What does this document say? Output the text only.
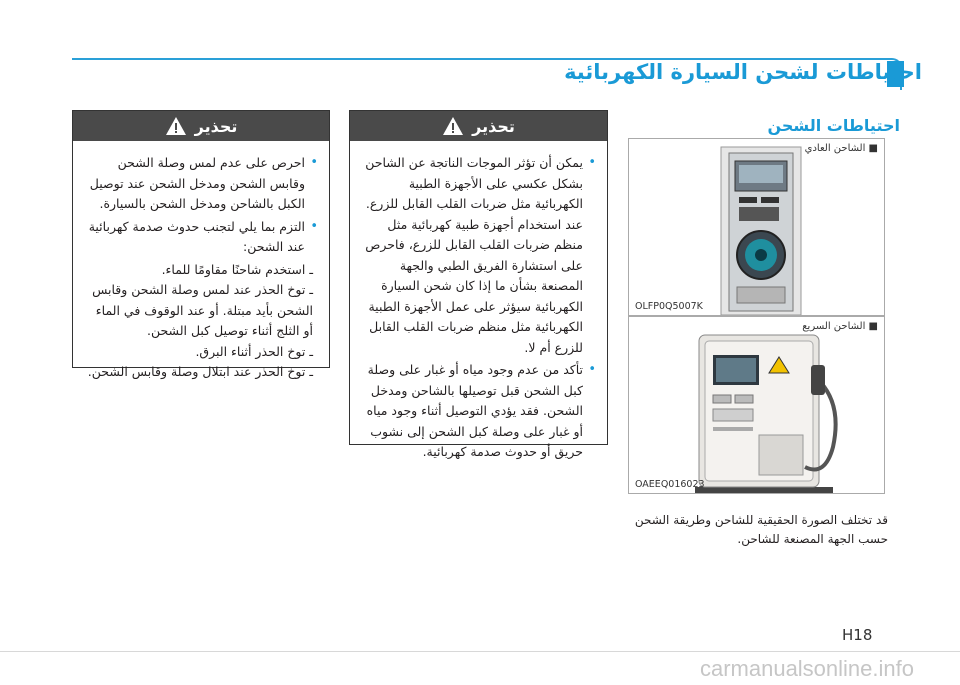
احتياطات لشحن السيارة الكهربائية
تحذير
• احرص على عدم لمس وصلة الشحن وقابس الشحن ومدخل الشحن عند توصيل الكبل بالشاحن ومدخل الشحن بالسيارة.
• التزم بما يلي لتجنب حدوث صدمة كهربائية عند الشحن:
ـ استخدم شاحنًا مقاومًا للماء.
ـ توخ الحذر عند لمس وصلة الشحن وقابس الشحن بأيد مبتلة. أو عند الوقوف في الماء أو الثلج أثناء توصيل كبل الشحن.
ـ توخ الحذر أثناء البرق.
ـ توخ الحذر عند ابتلال وصلة وقابس الشحن.
تحذير
• يمكن أن تؤثر الموجات الناتجة عن الشاحن بشكل عكسي على الأجهزة الطبية الكهربائية مثل ضربات القلب القابل للزرع. عند استخدام أجهزة طبية كهربائية مثل منظم ضربات القلب القابل للزرع، فاحرص على استشارة الفريق الطبي والجهة المصنعة بشأن ما إذا كان شحن السيارة الكهربائية سيؤثر على عمل الأجهزة الطبية الكهربائية مثل منظم ضربات القلب القابل للزرع أم لا.
• تأكد من عدم وجود مياه أو غبار على وصلة كبل الشحن قبل توصيلها بالشاحن ومدخل الشحن. فقد يؤدي التوصيل أثناء وجود مياه أو غبار على وصلة كبل الشحن إلى نشوب حريق أو حدوث صدمة كهربائية.
احتياطات الشحن
■ الشاحن العادي
OLFP0Q5007K
■ الشاحن السريع
OAEEQ016023
قد تختلف الصورة الحقيقية للشاحن وطريقة الشحن حسب الجهة المصنعة للشاحن.
H18
carmanualsonline.info
